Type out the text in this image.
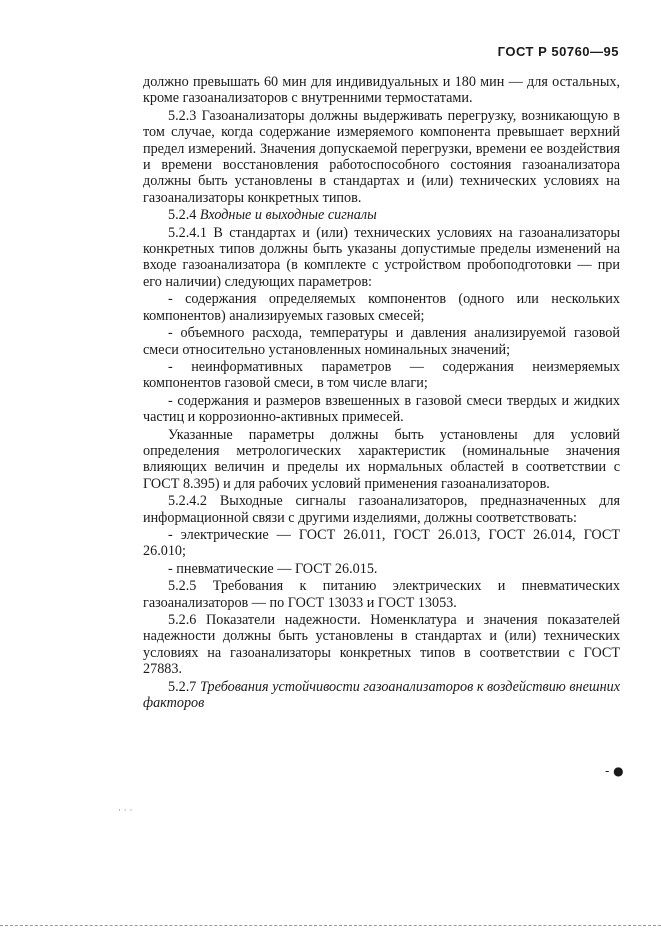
ГОСТ Р 50760—95

должно превышать 60 мин для индивидуальных и 180 мин — для остальных, кроме газоанализаторов с внутренними термостатами.

5.2.3 Газоанализаторы должны выдерживать перегрузку, возникающую в том случае, когда содержание измеряемого компонента превышает верхний предел измерений. Значения допускаемой перегрузки, времени ее воздействия и времени восстановления работоспособного состояния газоанализатора должны быть установлены в стандартах и (или) технических условиях на газоанализаторы конкретных типов.

5.2.4 Входные и выходные сигналы

5.2.4.1 В стандартах и (или) технических условиях на газоанализаторы конкретных типов должны быть указаны допустимые пределы изменений на входе газоанализатора (в комплекте с устройством пробоподготовки — при его наличии) следующих параметров:

- содержания определяемых компонентов (одного или нескольких компонентов) анализируемых газовых смесей;

- объемного расхода, температуры и давления анализируемой газовой смеси относительно установленных номинальных значений;

- неинформативных параметров — содержания неизмеряемых компонентов газовой смеси, в том числе влаги;

- содержания и размеров взвешенных в газовой смеси твердых и жидких частиц и коррозионно-активных примесей.

Указанные параметры должны быть установлены для условий определения метрологических характеристик (номинальные значения влияющих величин и пределы их нормальных областей в соответствии с ГОСТ 8.395) и для рабочих условий применения газоанализаторов.

5.2.4.2 Выходные сигналы газоанализаторов, предназначенных для информационной связи с другими изделиями, должны соответствовать:

- электрические — ГОСТ 26.011, ГОСТ 26.013, ГОСТ 26.014, ГОСТ 26.010;

- пневматические — ГОСТ 26.015.

5.2.5 Требования к питанию электрических и пневматических газоанализаторов — по ГОСТ 13033 и ГОСТ 13053.

5.2.6 Показатели надежности. Номенклатура и значения показателей надежности должны быть установлены в стандартах и (или) технических условиях на газоанализаторы конкретных типов в соответствии с ГОСТ 27883.

5.2.7 Требования устойчивости газоанализаторов к воздействию внешних факторов

- ●
· · ·
